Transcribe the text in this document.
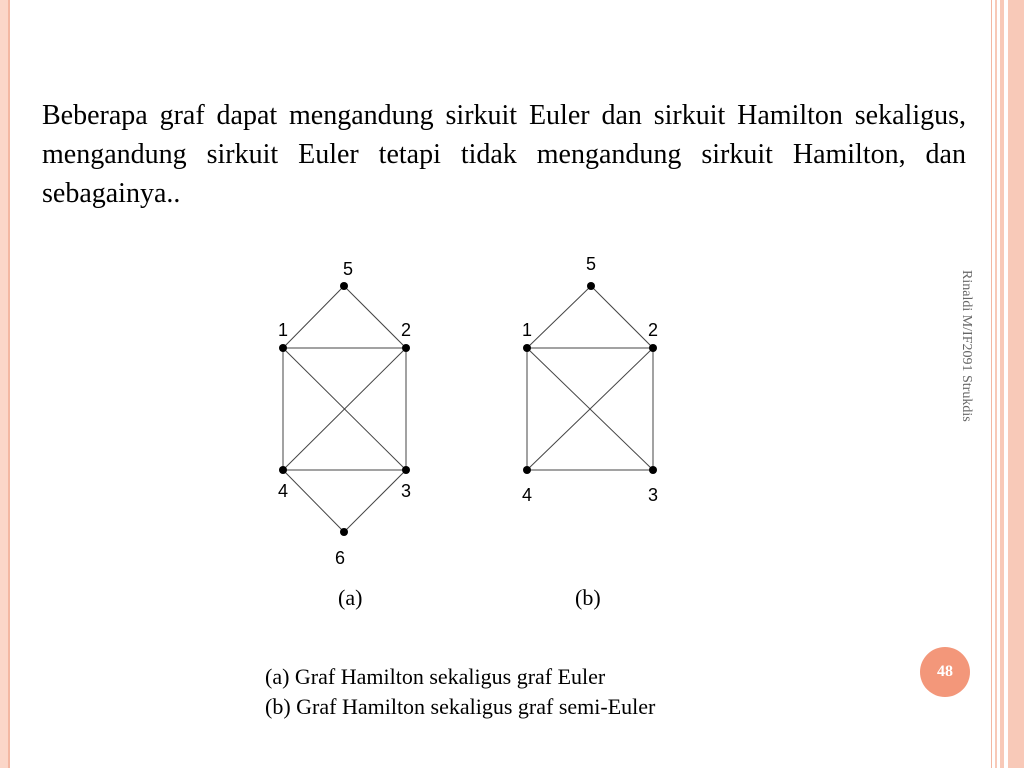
Beberapa graf dapat mengandung sirkuit Euler dan sirkuit Hamilton sekaligus, mengandung sirkuit Euler tetapi tidak mengandung sirkuit Hamilton, dan sebagainya..

1	2
3
4
5
6
1	2
3
4
5
(a)	(b)
(a) Graf Hamilton sekaligus graf Euler
(b) Graf Hamilton sekaligus graf semi-Euler
Rinaldi M/IF2091 Strukdis
48
